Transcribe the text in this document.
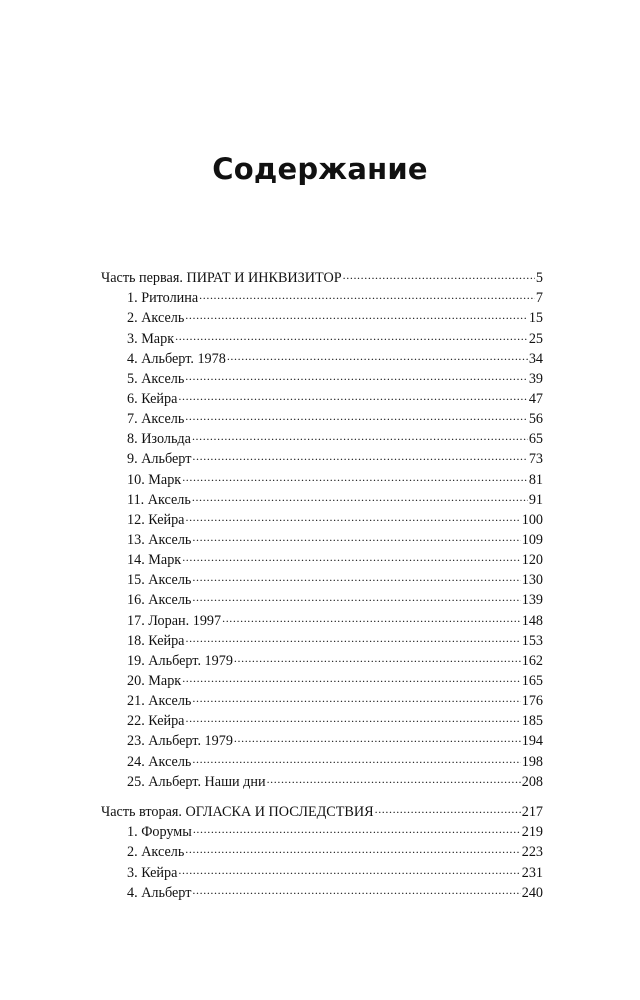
Содержание
Часть первая. ПИРАТ И ИНКВИЗИТОР .....	5
1. Ритолина .....	7
2. Аксель .....	15
3. Марк .....	25
4. Альберт. 1978 .....	34
5. Аксель .....	39
6. Кейра .....	47
7. Аксель .....	56
8. Изольда .....	65
9. Альберт .....	73
10. Марк .....	81
11. Аксель .....	91
12. Кейра .....	100
13. Аксель .....	109
14. Марк .....	120
15. Аксель .....	130
16. Аксель .....	139
17. Лоран. 1997 .....	148
18. Кейра .....	153
19. Альберт. 1979 .....	162
20. Марк .....	165
21. Аксель .....	176
22. Кейра .....	185
23. Альберт. 1979 .....	194
24. Аксель .....	198
25. Альберт. Наши дни .....	208
Часть вторая. ОГЛАСКА И ПОСЛЕДСТВИЯ .....	217
1. Форумы .....	219
2. Аксель .....	223
3. Кейра .....	231
4. Альберт .....	240
